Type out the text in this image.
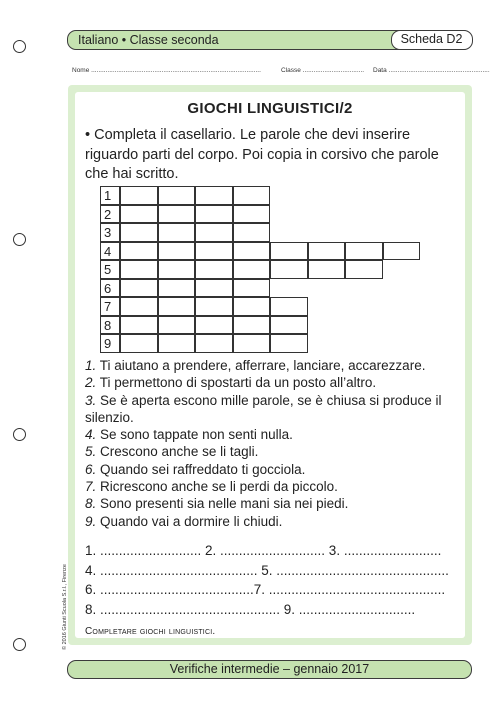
Italiano • Classe seconda	Scheda D2
Nome ..............................................................................................	Classe .................................. Data ........................................................
GIOCHI LINGUISTICI/2
• Completa il casellario. Le parole che devi inserire riguardo parti del corpo. Poi copia in corsivo che parole che hai scritto.
1
2
3
4
5
6
7
8
9

1. Ti aiutano a prendere, afferrare, lanciare, accarezzare.

2. Ti permettono di spostarti da un posto all’altro.

3. Se è aperta escono mille parole, se è chiusa si produce il silenzio.

4. Se sono tappate non senti nulla.

5. Crescono anche se li tagli.

6. Quando sei raffreddato ti gocciola.

7. Ricrescono anche se li perdi da piccolo.

8. Sono presenti sia nelle mani sia nei piedi.

9. Quando vai a dormire li chiudi.

1. ........................... 2. ............................ 3. ..........................
4. .......................................... 5. ..............................................
6. .........................................7. ...............................................
8. ................................................ 9. ...............................
Completare giochi linguistici.
© 2016 Giunti Scuola S.r.l., Firenze
Verifiche intermedie – gennaio 2017
